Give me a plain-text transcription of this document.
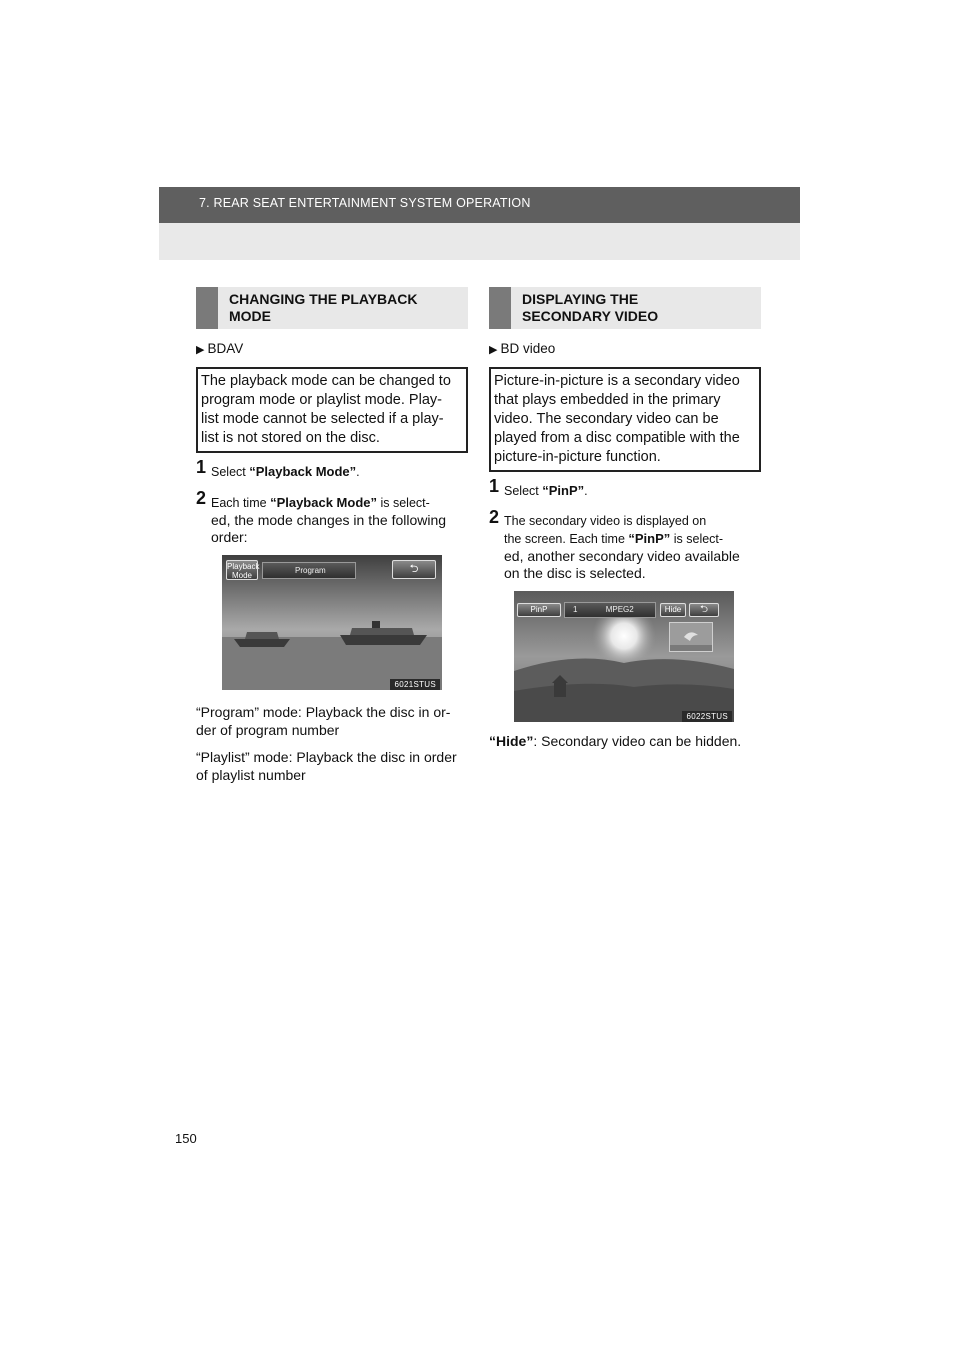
7. REAR SEAT ENTERTAINMENT SYSTEM OPERATION
CHANGING THE PLAYBACK
MODE
▶ BDAV
The playback mode can be changed to
program mode or playlist mode. Play-
list mode cannot be selected if a play-
list is not stored on the disc.
1 Select “Playback Mode”.
2 Each time “Playback Mode” is select-
ed, the mode changes in the following
order:
Playback
Mode
Program	⮌
6021STUS
“Program” mode: Playback the disc in or-
der of program number
“Playlist” mode: Playback the disc in order
of playlist number
DISPLAYING THE
SECONDARY VIDEO
▶ BD video
Picture-in-picture is a secondary video
that plays embedded in the primary
video. The secondary video can be
played from a disc compatible with the
picture-in-picture function.
1 Select “PinP”.
2 The secondary video is displayed on
the screen. Each time “PinP” is select-
ed, another secondary video available
on the disc is selected.
PinP	1	MPEG2	Hide	⮌
6022STUS
“Hide”: Secondary video can be hidden.
150
